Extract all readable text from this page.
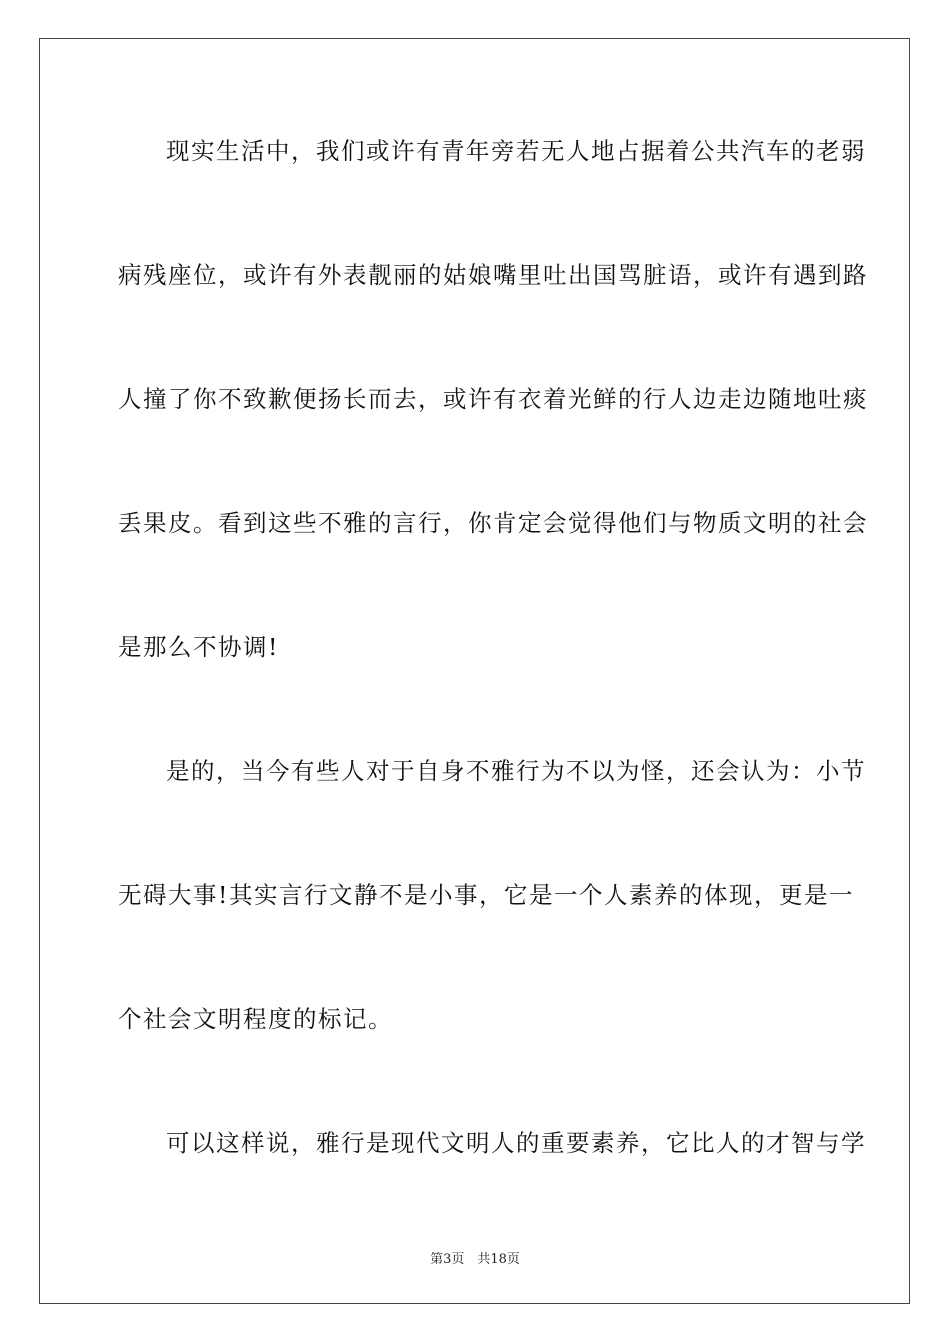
现实生活中，我们或许有青年旁若无人地占据着公共汽车的老弱
病残座位，或许有外表靓丽的姑娘嘴里吐出国骂脏语，或许有遇到路
人撞了你不致歉便扬长而去，或许有衣着光鲜的行人边走边随地吐痰
丢果皮。看到这些不雅的言行，你肯定会觉得他们与物质文明的社会
是那么不协调!
是的，当今有些人对于自身不雅行为不以为怪，还会认为：小节
无碍大事!其实言行文静不是小事，它是一个人素养的体现，更是一
个社会文明程度的标记。
可以这样说，雅行是现代文明人的重要素养，它比人的才智与学
第3页　共18页
